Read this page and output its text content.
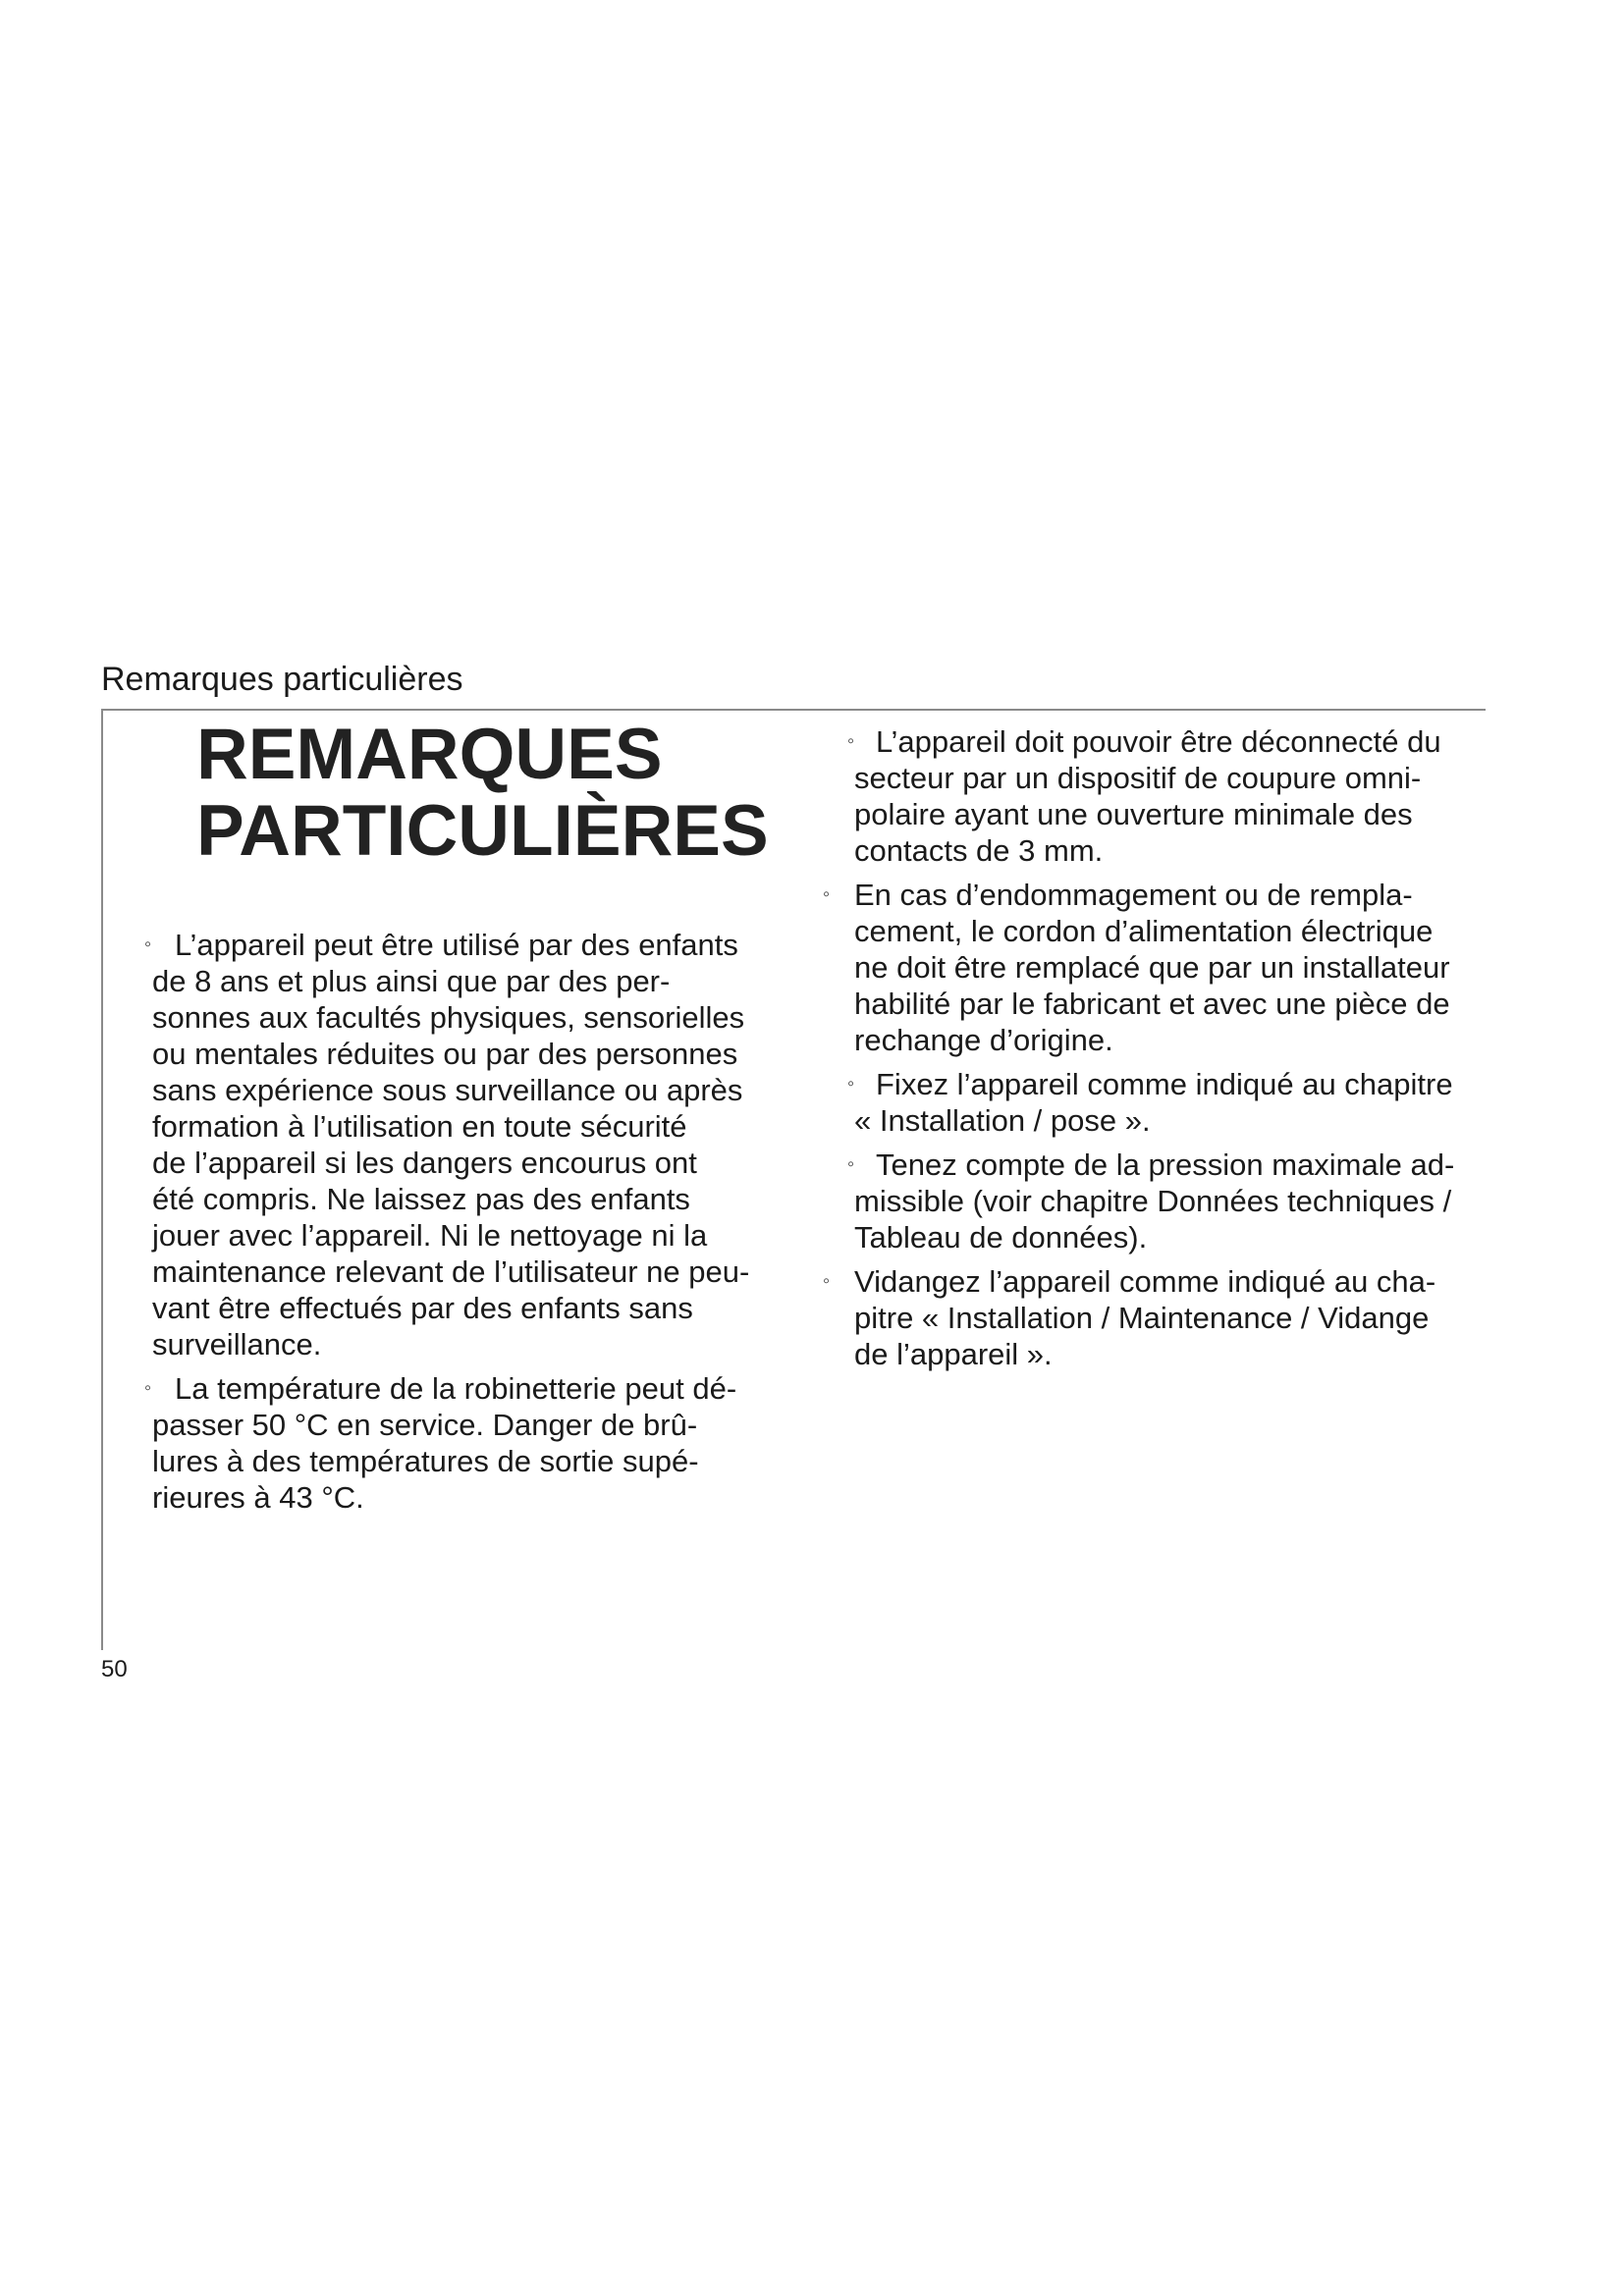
Remarques particulières
REMARQUES
PARTICULIÈRES
◦ L’appareil peut être utilisé par des enfants
de 8 ans et plus ainsi que par des per-
sonnes aux facultés physiques, sensorielles
ou mentales réduites ou par des personnes
sans expérience sous surveillance ou après
formation à l’utilisation en toute sécurité
de l’appareil si les dangers encourus ont
été compris. Ne laissez pas des enfants
jouer avec l’appareil. Ni le nettoyage ni la
maintenance relevant de l’utilisateur ne peu-
vant être effectués par des enfants sans
surveillance.
◦ La température de la robinetterie peut dé-
passer 50 °C en service. Danger de brû-
lures à des températures de sortie supé-
rieures à 43 °C.
◦ L’appareil doit pouvoir être déconnecté du
secteur par un dispositif de coupure omni-
polaire ayant une ouverture minimale des
contacts de 3 mm.
◦ En cas d’endommagement ou de rempla-
cement, le cordon d’alimentation électrique
ne doit être remplacé que par un installateur
habilité par le fabricant et avec une pièce de
rechange d’origine.
◦ Fixez l’appareil comme indiqué au chapitre
« Installation / pose ».
◦ Tenez compte de la pression maximale ad-
missible (voir chapitre Données techniques /
Tableau de données).
◦ Vidangez l’appareil comme indiqué au cha-
pitre « Installation / Maintenance / Vidange
de l’appareil ».
50
